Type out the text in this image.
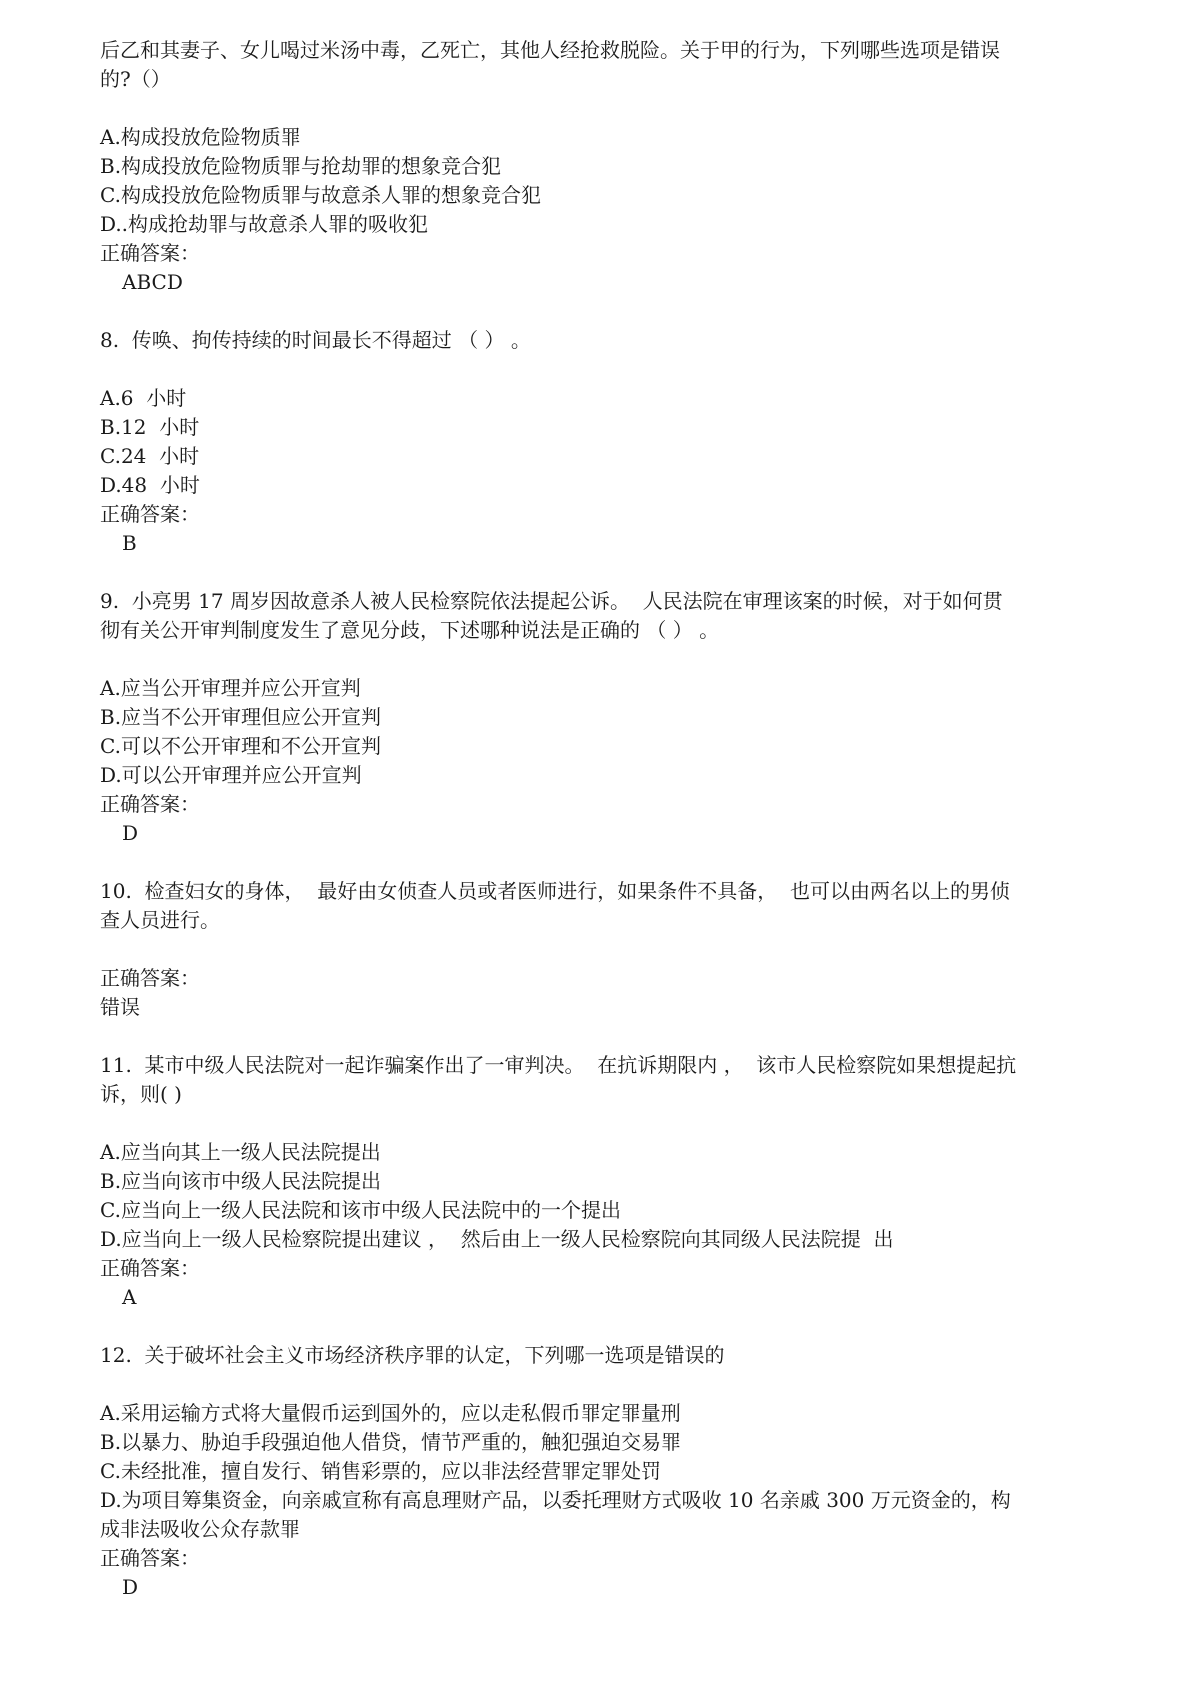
后乙和其妻子、女儿喝过米汤中毒，乙死亡，其他人经抢救脱险。关于甲的行为，下列哪些选项是错误
的?（）
A.构成投放危险物质罪
B.构成投放危险物质罪与抢劫罪的想象竞合犯
C.构成投放危险物质罪与故意杀人罪的想象竞合犯
D..构成抢劫罪与故意杀人罪的吸收犯
正确答案：
ABCD
8.  传唤、拘传持续的时间最长不得超过 （ ） 。
A.6  小时
B.12  小时
C.24  小时
D.48  小时
正确答案：
B
9.  小亮男 17 周岁因故意杀人被人民检察院依法提起公诉。  人民法院在审理该案的时候，对于如何贯
彻有关公开审判制度发生了意见分歧，下述哪种说法是正确的 （ ） 。
A.应当公开审理并应公开宣判
B.应当不公开审理但应公开宣判
C.可以不公开审理和不公开宣判
D.可以公开审理并应公开宣判
正确答案：
D
10.  检查妇女的身体，  最好由女侦查人员或者医师进行，如果条件不具备，  也可以由两名以上的男侦
查人员进行。
正确答案：
错误
11.  某市中级人民法院对一起诈骗案作出了一审判决。  在抗诉期限内 ，  该市人民检察院如果想提起抗
诉，则( )
A.应当向其上一级人民法院提出
B.应当向该市中级人民法院提出
C.应当向上一级人民法院和该市中级人民法院中的一个提出
D.应当向上一级人民检察院提出建议 ，  然后由上一级人民检察院向其同级人民法院提  出
正确答案：
A
12.  关于破坏社会主义市场经济秩序罪的认定，下列哪一选项是错误的
A.采用运输方式将大量假币运到国外的，应以走私假币罪定罪量刑
B.以暴力、胁迫手段强迫他人借贷，情节严重的，触犯强迫交易罪
C.未经批准，擅自发行、销售彩票的，应以非法经营罪定罪处罚
D.为项目筹集资金，向亲戚宣称有高息理财产品，以委托理财方式吸收 10 名亲戚 300 万元资金的，构
成非法吸收公众存款罪
正确答案：
D
